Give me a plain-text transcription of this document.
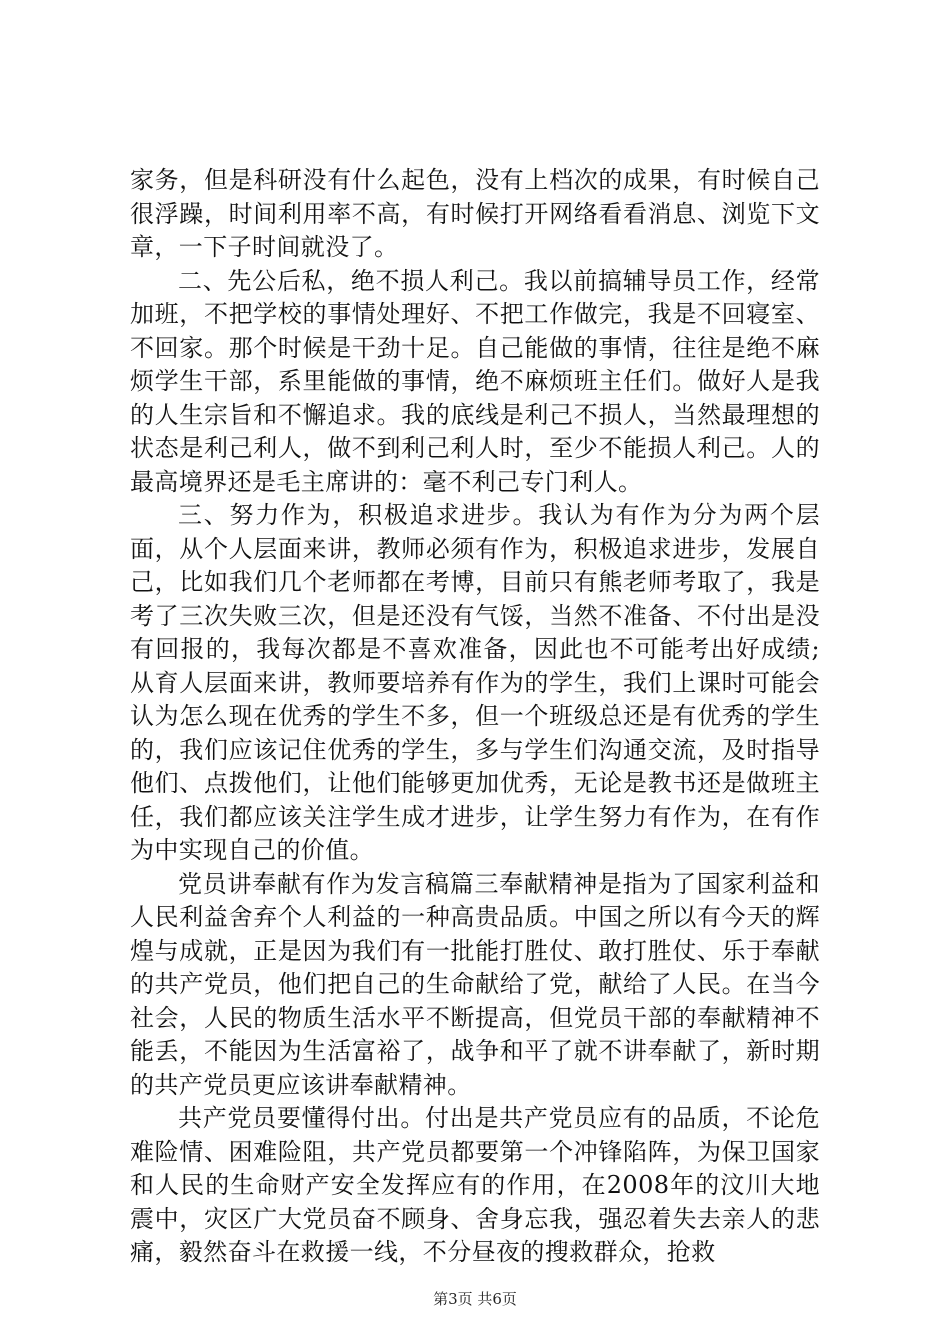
家务，但是科研没有什么起色，没有上档次的成果，有时候自己很浮躁，时间利用率不高，有时候打开网络看看消息、浏览下文章，一下子时间就没了。

二、先公后私，绝不损人利己。我以前搞辅导员工作，经常加班，不把学校的事情处理好、不把工作做完，我是不回寝室、不回家。那个时候是干劲十足。自己能做的事情，往往是绝不麻烦学生干部，系里能做的事情，绝不麻烦班主任们。做好人是我的人生宗旨和不懈追求。我的底线是利己不损人，当然最理想的状态是利己利人，做不到利己利人时，至少不能损人利己。人的最高境界还是毛主席讲的：毫不利己专门利人。

三、努力作为，积极追求进步。我认为有作为分为两个层面，从个人层面来讲，教师必须有作为，积极追求进步，发展自己，比如我们几个老师都在考博，目前只有熊老师考取了，我是考了三次失败三次，但是还没有气馁，当然不准备、不付出是没有回报的，我每次都是不喜欢准备，因此也不可能考出好成绩;从育人层面来讲，教师要培养有作为的学生，我们上课时可能会认为怎么现在优秀的学生不多，但一个班级总还是有优秀的学生的，我们应该记住优秀的学生，多与学生们沟通交流，及时指导他们、点拨他们，让他们能够更加优秀，无论是教书还是做班主任，我们都应该关注学生成才进步，让学生努力有作为，在有作为中实现自己的价值。

党员讲奉献有作为发言稿篇三奉献精神是指为了国家利益和人民利益舍弃个人利益的一种高贵品质。中国之所以有今天的辉煌与成就，正是因为我们有一批能打胜仗、敢打胜仗、乐于奉献的共产党员，他们把自己的生命献给了党，献给了人民。在当今社会，人民的物质生活水平不断提高，但党员干部的奉献精神不能丢，不能因为生活富裕了，战争和平了就不讲奉献了，新时期的共产党员更应该讲奉献精神。

共产党员要懂得付出。付出是共产党员应有的品质，不论危难险情、困难险阻，共产党员都要第一个冲锋陷阵，为保卫国家和人民的生命财产安全发挥应有的作用，在2008年的汶川大地震中，灾区广大党员奋不顾身、舍身忘我，强忍着失去亲人的悲痛，毅然奋斗在救援一线，不分昼夜的搜救群众，抢救

第3页 共6页
